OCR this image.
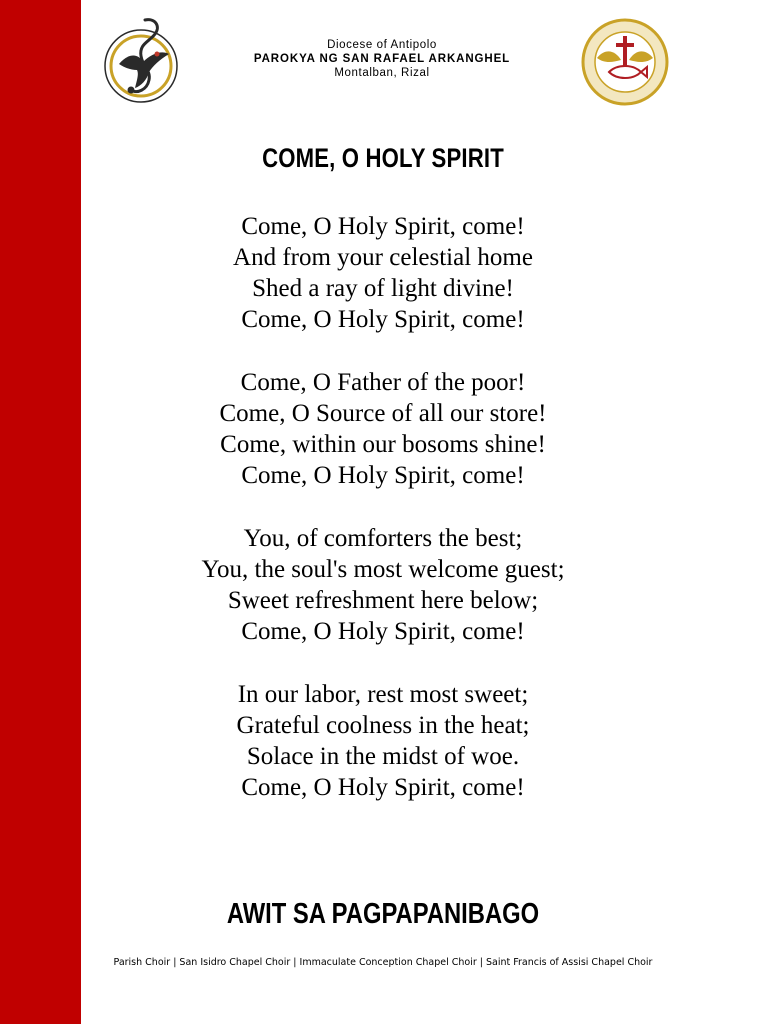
Diocese of Antipolo
PAROKYA NG SAN RAFAEL ARKANGHEL
Montalban, Rizal
COME, O HOLY SPIRIT
Come, O Holy Spirit, come!
And from your celestial home
Shed a ray of light divine!
Come, O Holy Spirit, come!
Come, O Father of the poor!
Come, O Source of all our store!
Come, within our bosoms shine!
Come, O Holy Spirit, come!
You, of comforters the best;
You, the soul's most welcome guest;
Sweet refreshment here below;
Come, O Holy Spirit, come!
In our labor, rest most sweet;
Grateful coolness in the heat;
Solace in the midst of woe.
Come, O Holy Spirit, come!
AWIT SA PAGPAPANIBAGO
Parish Choir | San Isidro Chapel Choir | Immaculate Conception Chapel Choir | Saint Francis of Assisi Chapel Choir
